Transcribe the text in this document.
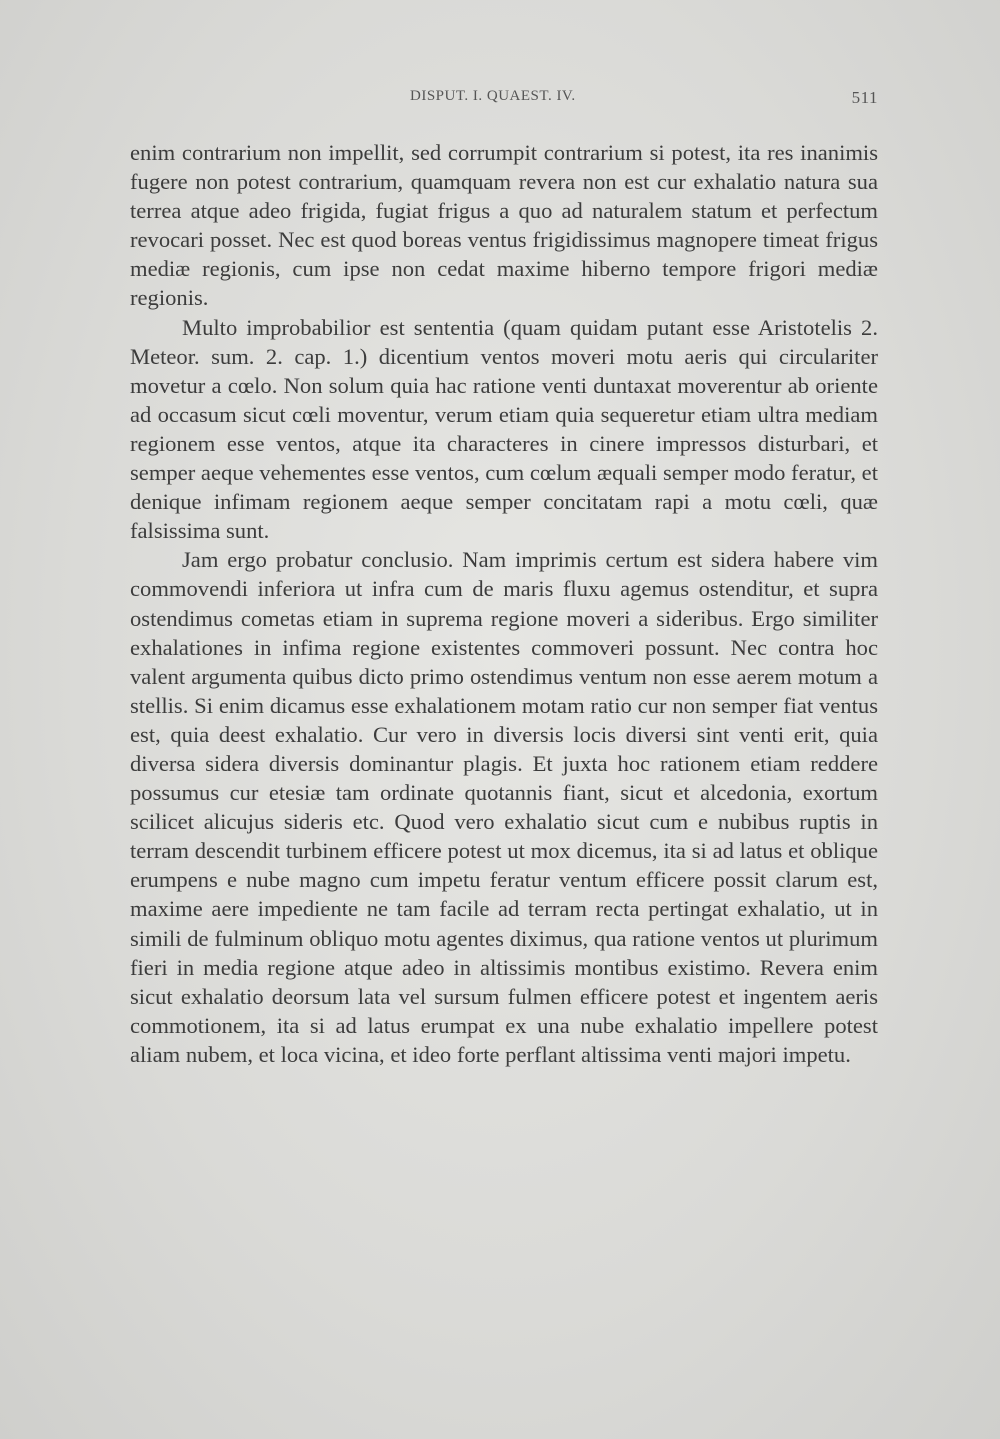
DISPUT. I. QUAEST. IV.	511

enim contrarium non impellit, sed corrumpit contrarium si potest, ita res inanimis fugere non potest contrarium, quamquam revera non est cur exhalatio natura sua terrea atque adeo frigida, fugiat frigus a quo ad naturalem statum et perfectum revocari posset. Nec est quod boreas ventus frigidissimus magnopere timeat frigus mediæ regionis, cum ipse non cedat maxime hiberno tempore frigori mediæ regionis.

Multo improbabilior est sententia (quam quidam putant esse Aristotelis 2. Meteor. sum. 2. cap. 1.) dicentium ventos moveri motu aeris qui circulariter movetur a cœlo. Non solum quia hac ratione venti duntaxat moverentur ab oriente ad occasum sicut cœli moventur, verum etiam quia sequeretur etiam ultra mediam regionem esse ventos, atque ita characteres in cinere impressos disturbari, et semper aeque vehementes esse ventos, cum cœlum æquali semper modo feratur, et denique infimam regionem aeque semper concitatam rapi a motu cœli, quæ falsissima sunt.

Jam ergo probatur conclusio. Nam imprimis certum est sidera habere vim commovendi inferiora ut infra cum de maris fluxu agemus ostenditur, et supra ostendimus cometas etiam in suprema regione moveri a sideribus. Ergo similiter exhalationes in infima regione existentes commoveri possunt. Nec contra hoc valent argumenta quibus dicto primo ostendimus ventum non esse aerem motum a stellis. Si enim dicamus esse exhalationem motam ratio cur non semper fiat ventus est, quia deest exhalatio. Cur vero in diversis locis diversi sint venti erit, quia diversa sidera diversis dominantur plagis. Et juxta hoc rationem etiam reddere possumus cur etesiæ tam ordinate quotannis fiant, sicut et alcedonia, exortum scilicet alicujus sideris etc. Quod vero exhalatio sicut cum e nubibus ruptis in terram descendit turbinem efficere potest ut mox dicemus, ita si ad latus et oblique erumpens e nube magno cum impetu feratur ventum efficere possit clarum est, maxime aere impediente ne tam facile ad terram recta pertingat exhalatio, ut in simili de fulminum obliquo motu agentes diximus, qua ratione ventos ut plurimum fieri in media regione atque adeo in altissimis montibus existimo. Revera enim sicut exhalatio deorsum lata vel sursum fulmen efficere potest et ingentem aeris commotionem, ita si ad latus erumpat ex una nube exhalatio impellere potest aliam nubem, et loca vicina, et ideo forte perflant altissima venti majori impetu.
